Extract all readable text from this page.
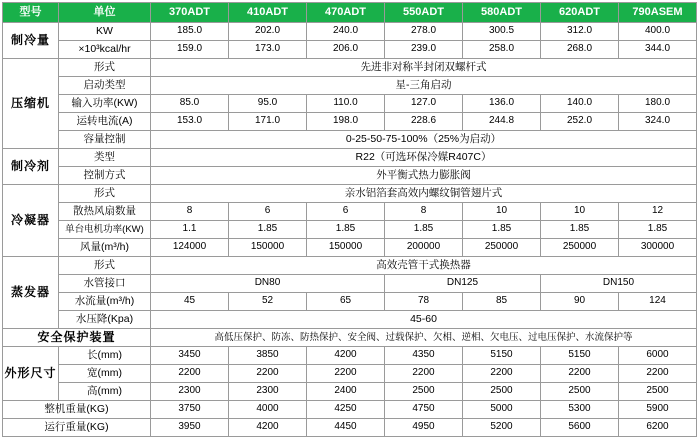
型号	单位	370ADT	410ADT	470ADT	550ADT	580ADT	620ADT	790ASEM
制冷量	KW	185.0	202.0	240.0	278.0	300.5	312.0	400.0
	×10³kcal/hr	159.0	173.0	206.0	239.0	258.0	268.0	344.0
压缩机	形式	先进非对称半封闭双螺杆式						
	启动类型	星-三角启动						
	输入功率(KW)	85.0	95.0	110.0	127.0	136.0	140.0	180.0
	运转电流(A)	153.0	171.0	198.0	228.6	244.8	252.0	324.0
	容量控制	0-25-50-75-100%（25%为启动）						
制冷剂	类型	R22（可选环保冷媒R407C）						
	控制方式	外平衡式热力膨胀阀						
冷凝器	形式	亲水铝箔套高效内螺纹铜管翅片式						
	散热风扇数量	8	6	6	8	10	10	12
	单台电机功率(KW)	1.1	1.85	1.85	1.85	1.85	1.85	1.85
	风量(m³/h)	124000	150000	150000	200000	250000	250000	300000
蒸发器	形式	高效壳管干式换热器						
	水管接口	DN80			DN125		DN150	
	水流量(m³/h)	45	52	65	78	85	90	124
	水压降(Kpa)	45-60						
安全保护装置		高低压保护、防冻、防热保护、安全阀、过载保护、欠相、逆相、欠电压、过电压保护、水流保护等						
外形尺寸	长(mm)	3450	3850	4200	4350	5150	5150	6000
	宽(mm)	2200	2200	2200	2200	2200	2200	2200
	高(mm)	2300	2300	2400	2500	2500	2500	2500
整机重量(KG)		3750	4000	4250	4750	5000	5300	5900
运行重量(KG)		3950	4200	4450	4950	5200	5600	6200
